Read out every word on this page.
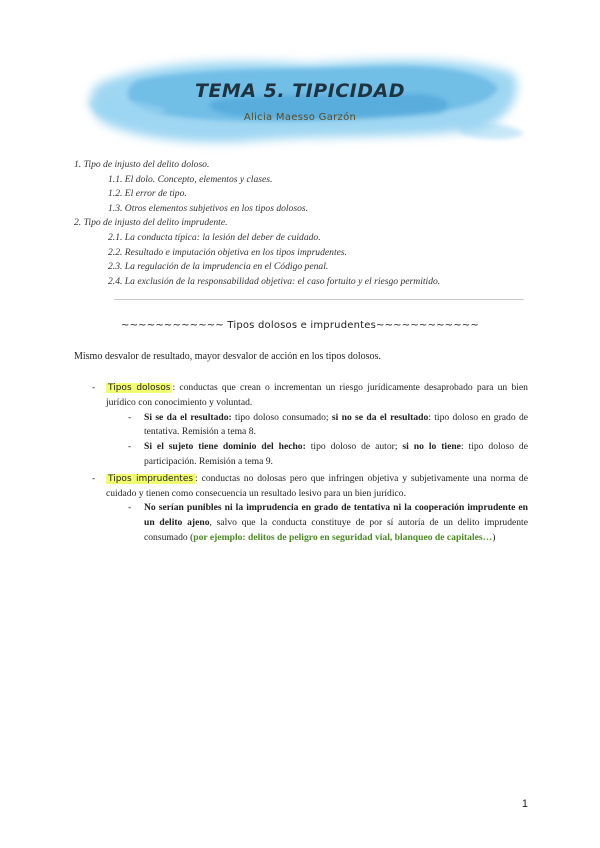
TEMA 5. TIPICIDAD
Alicia Maesso Garzón
1. Tipo de injusto del delito doloso.
1.1. El dolo. Concepto, elementos y clases.
1.2. El error de tipo.
1.3. Otros elementos subjetivos en los tipos dolosos.
2. Tipo de injusto del delito imprudente.
2.1. La conducta típica: la lesión del deber de cuidado.
2.2. Resultado e imputación objetiva en los tipos imprudentes.
2.3. La regulación de la imprudencia en el Código penal.
2.4. La exclusión de la responsabilidad objetiva: el caso fortuito y el riesgo permitido.
~~~~~~~~~~~~ Tipos dolosos e imprudentes~~~~~~~~~~~~
Mismo desvalor de resultado, mayor desvalor de acción en los tipos dolosos.
- Tipos dolosos : conductas que crean o incrementan un riesgo jurídicamente desaprobado para un bien jurídico con conocimiento y voluntad.
- Si se da el resultado: tipo doloso consumado; si no se da el resultado: tipo doloso en grado de tentativa. Remisión a tema 8.
- Si el sujeto tiene dominio del hecho: tipo doloso de autor; si no lo tiene: tipo doloso de participación. Remisión a tema 9.
- Tipos imprudentes : conductas no dolosas pero que infringen objetiva y subjetivamente una norma de cuidado y tienen como consecuencia un resultado lesivo para un bien jurídico.
- No serían punibles ni la imprudencia en grado de tentativa ni la cooperación imprudente en un delito ajeno, salvo que la conducta constituye de por sí autoría de un delito imprudente consumado (por ejemplo: delitos de peligro en seguridad vial, blanqueo de capitales…)
1
